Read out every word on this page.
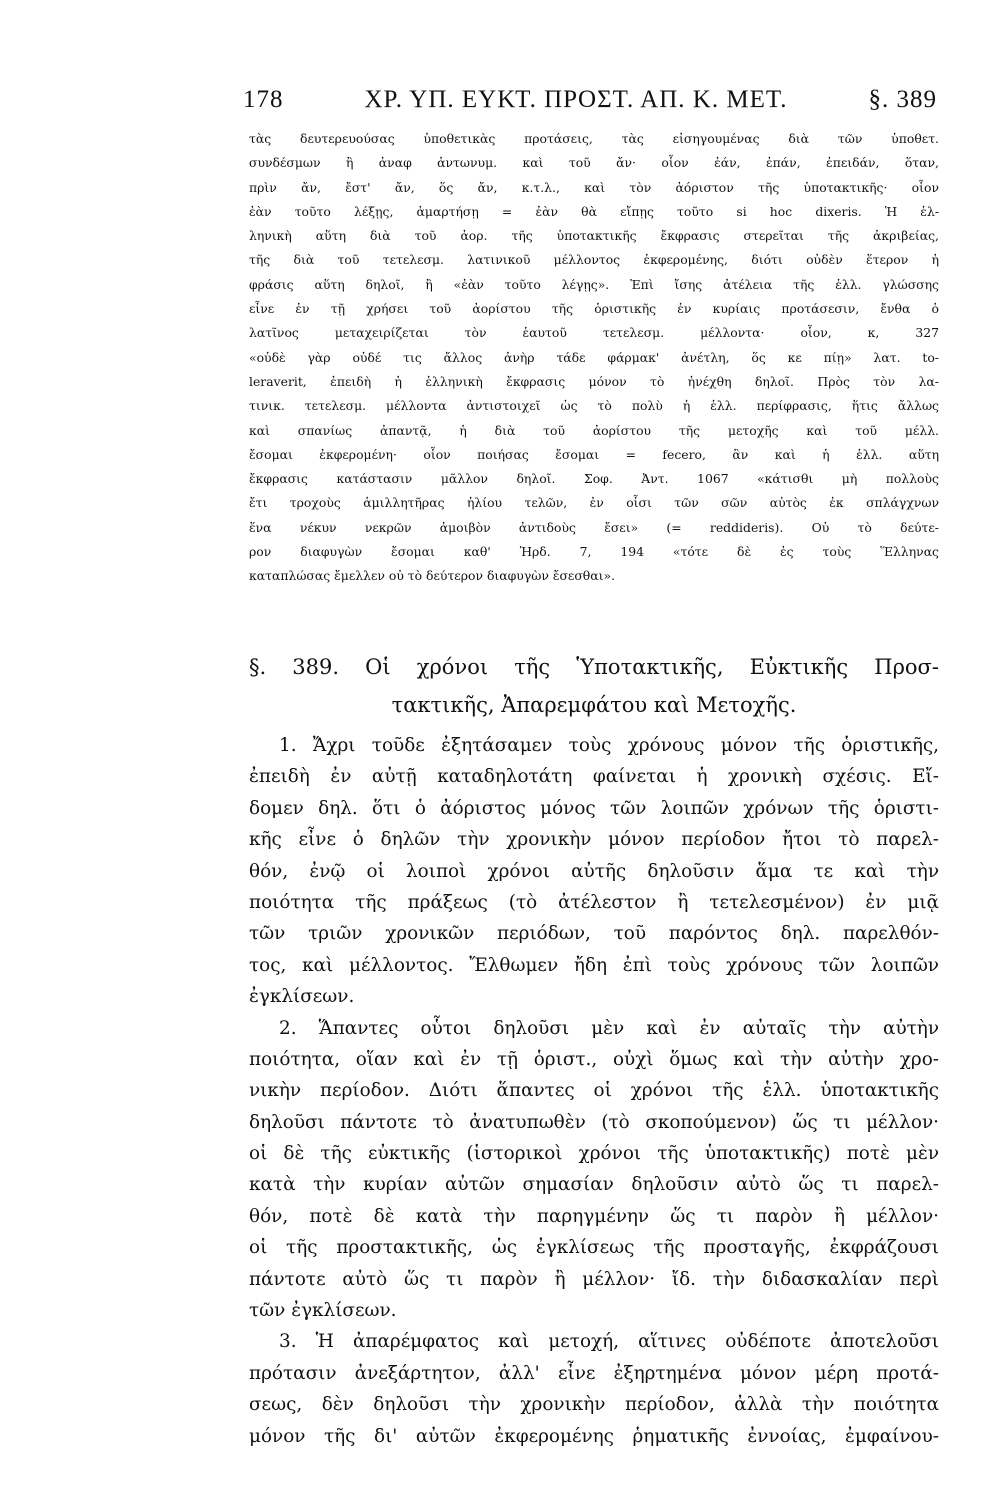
178	ΧΡ. ΥΠ. ΕΥΚΤ. ΠΡΟΣΤ. ΑΠ. Κ. ΜΕΤ.	§. 389
τὰς δευτερευούσας ὑποθετικὰς προτάσεις, τὰς εἰσηγουμένας διὰ τῶν ὑποθετ.
συνδέσμων ἢ ἀναφ ἀντωνυμ. καὶ τοῦ ἄν· οἷον ἐάν, ἐπάν, ἐπειδάν, ὅταν,
πρὶν ἄν, ἔστ' ἄν, ὅς ἄν, κ.τ.λ., καὶ τὸν ἀόριστον τῆς ὑποτακτικῆς· οἷον
ἐὰν τοῦτο λέξῃς, ἁμαρτήσῃ = ἐὰν θὰ εἴπῃς τοῦτο si hoc dixeris. Ἡ ἑλ-
ληνικὴ αὕτη διὰ τοῦ ἀορ. τῆς ὑποτακτικῆς ἔκφρασις στερεῖται τῆς ἀκριβείας,
τῆς διὰ τοῦ τετελεσμ. λατινικοῦ μέλλοντος ἐκφερομένης, διότι οὐδὲν ἕτερον ἡ
φράσις αὕτη δηλοῖ, ἢ «ἐὰν τοῦτο λέγῃς». Ἐπὶ ἴσης ἀτέλεια τῆς ἑλλ. γλώσσης
εἶνε ἐν τῇ χρήσει τοῦ ἀορίστου τῆς ὁριστικῆς ἐν κυρίαις προτάσεσιν, ἔνθα ὁ
λατῖνος μεταχειρίζεται τὸν ἑαυτοῦ τετελεσμ. μέλλοντα· οἷον, κ, 327
«οὐδὲ γὰρ οὐδέ τις ἄλλος ἀνὴρ τάδε φάρμακ' ἀνέτλη, ὅς κε πίῃ» λατ. to-
leraverit, ἐπειδὴ ἡ ἑλληνικὴ ἔκφρασις μόνον τὸ ἠνέχθη δηλοῖ. Πρὸς τὸν λα-
τινικ. τετελεσμ. μέλλοντα ἀντιστοιχεῖ ὡς τὸ πολὺ ἡ ἑλλ. περίφρασις, ἥτις ἄλλως
καὶ σπανίως ἀπαντᾷ, ἡ διὰ τοῦ ἀορίστου τῆς μετοχῆς καὶ τοῦ μέλλ.
ἔσομαι ἐκφερομένη· οἷον ποιήσας ἔσομαι = fecero, ἂν καὶ ἡ ἑλλ. αὕτη
ἔκφρασις κατάστασιν μᾶλλον δηλοῖ. Σοφ. Ἀντ. 1067 «κάτισθι μὴ πολλοὺς
ἔτι τροχοὺς ἁμιλλητῆρας ἡλίου τελῶν, ἐν οἷσι τῶν σῶν αὐτὸς ἐκ σπλάγχνων
ἕνα νέκυν νεκρῶν ἀμοιβὸν ἀντιδοὺς ἔσει» (= reddideris). Οὐ τὸ δεύτε-
ρον διαφυγὼν ἔσομαι καθ' Ἡρδ. 7, 194 «τότε δὲ ἐς τοὺς Ἕλληνας
καταπλώσας ἔμελλεν οὐ τὸ δεύτερον διαφυγὼν ἔσεσθαι».
§. 389. Οἱ χρόνοι τῆς Ὑποτακτικῆς, Εὐκτικῆς Προσ-
τακτικῆς, Ἀπαρεμφάτου καὶ Μετοχῆς.
1. Ἄχρι τοῦδε ἐξητάσαμεν τοὺς χρόνους μόνον τῆς ὁριστικῆς,
ἐπειδὴ ἐν αὐτῇ καταδηλοτάτη φαίνεται ἡ χρονικὴ σχέσις. Εἴ-
δομεν δηλ. ὅτι ὁ ἀόριστος μόνος τῶν λοιπῶν χρόνων τῆς ὁριστι-
κῆς εἶνε ὁ δηλῶν τὴν χρονικὴν μόνον περίοδον ἤτοι τὸ παρελ-
θόν, ἐνῷ οἱ λοιποὶ χρόνοι αὐτῆς δηλοῦσιν ἅμα τε καὶ τὴν
ποιότητα τῆς πράξεως (τὸ ἀτέλεστον ἢ τετελεσμένον) ἐν μιᾷ
τῶν τριῶν χρονικῶν περιόδων, τοῦ παρόντος δηλ. παρελθόν-
τος, καὶ μέλλοντος. Ἔλθωμεν ἤδη ἐπὶ τοὺς χρόνους τῶν λοιπῶν
ἐγκλίσεων.
2. Ἅπαντες οὗτοι δηλοῦσι μὲν καὶ ἐν αὐταῖς τὴν αὐτὴν
ποιότητα, οἵαν καὶ ἐν τῇ ὁριστ., οὐχὶ ὅμως καὶ τὴν αὐτὴν χρο-
νικὴν περίοδον. Διότι ἅπαντες οἱ χρόνοι τῆς ἑλλ. ὑποτακτικῆς
δηλοῦσι πάντοτε τὸ ἀνατυπωθὲν (τὸ σκοπούμενον) ὥς τι μέλλον·
οἱ δὲ τῆς εὐκτικῆς (ἱστορικοὶ χρόνοι τῆς ὑποτακτικῆς) ποτὲ μὲν
κατὰ τὴν κυρίαν αὐτῶν σημασίαν δηλοῦσιν αὐτὸ ὥς τι παρελ-
θόν, ποτὲ δὲ κατὰ τὴν παρηγμένην ὥς τι παρὸν ἢ μέλλον·
οἱ τῆς προστακτικῆς, ὡς ἐγκλίσεως τῆς προσταγῆς, ἐκφράζουσι
πάντοτε αὐτὸ ὥς τι παρὸν ἢ μέλλον· ἴδ. τὴν διδασκαλίαν περὶ
τῶν ἐγκλίσεων.
3. Ἡ ἀπαρέμφατος καὶ μετοχή, αἵτινες οὐδέποτε ἀποτελοῦσι
πρότασιν ἀνεξάρτητον, ἀλλ' εἶνε ἐξηρτημένα μόνον μέρη προτά-
σεως, δὲν δηλοῦσι τὴν χρονικὴν περίοδον, ἀλλὰ τὴν ποιότητα
μόνον τῆς δι' αὐτῶν ἐκφερομένης ῥηματικῆς ἐννοίας, ἐμφαίνου-
